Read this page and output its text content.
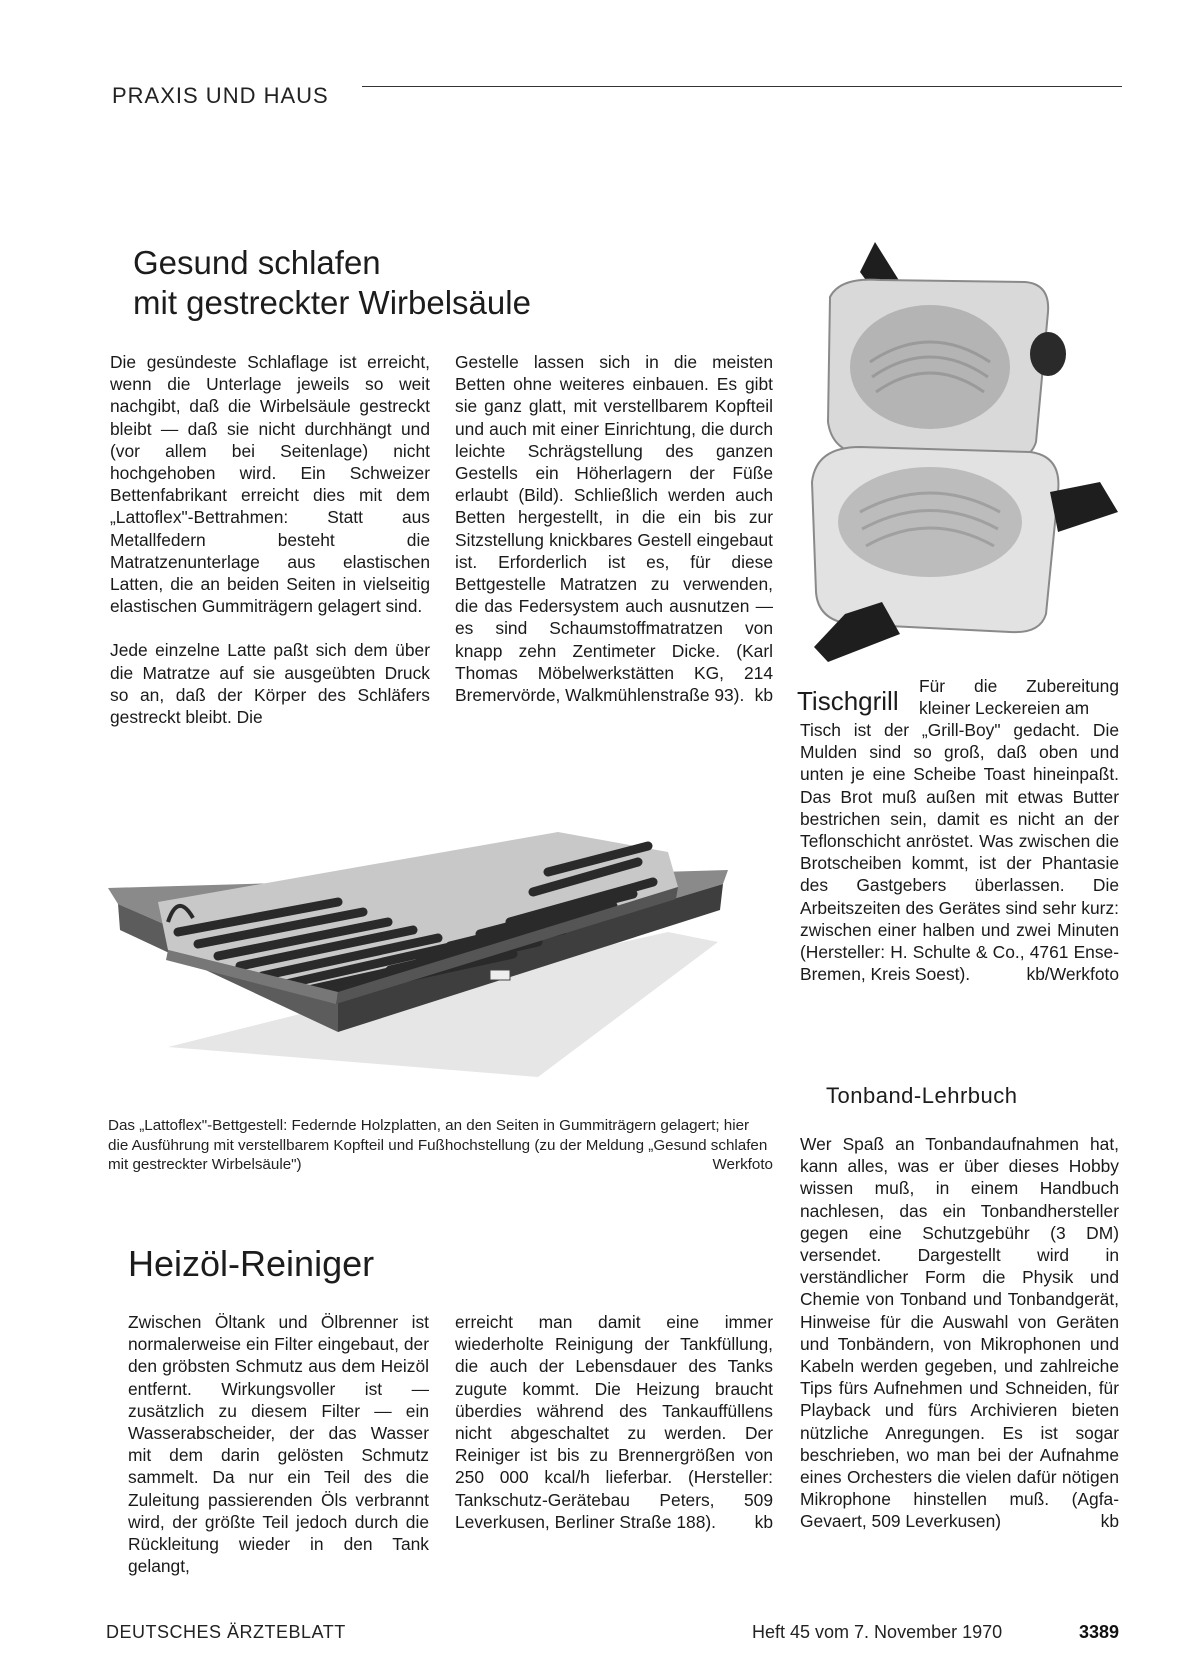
PRAXIS UND HAUS
Gesund schlafen
mit gestreckter Wirbelsäule

Die gesündeste Schlaflage ist erreicht, wenn die Unterlage jeweils so weit nachgibt, daß die Wirbelsäule gestreckt bleibt — daß sie nicht durchhängt und (vor allem bei Seitenlage) nicht hochgehoben wird. Ein Schweizer Bettenfabrikant erreicht dies mit dem „Lattoflex"-Bettrahmen: Statt aus Metallfedern besteht die Matratzenunterlage aus elastischen Latten, die an beiden Seiten in vielseitig elastischen Gummiträgern gelagert sind.

Jede einzelne Latte paßt sich dem über die Matratze auf sie ausgeübten Druck so an, daß der Körper des Schläfers gestreckt bleibt. Die

Gestelle lassen sich in die meisten Betten ohne weiteres einbauen. Es gibt sie ganz glatt, mit verstellbarem Kopfteil und auch mit einer Einrichtung, die durch leichte Schrägstellung des ganzen Gestells ein Höherlagern der Füße erlaubt (Bild). Schließlich werden auch Betten hergestellt, in die ein bis zur Sitzstellung knickbares Gestell eingebaut ist. Erforderlich ist es, für diese Bettgestelle Matratzen zu verwenden, die das Federsystem auch ausnutzen — es sind Schaumstoffmatratzen von knapp zehn Zentimeter Dicke. (Karl Thomas Möbelwerkstätten KG, 214 Bremervörde, Walkmühlenstraße 93). kb

Das „Lattoflex"-Bettgestell: Federnde Holzplatten, an den Seiten in Gummiträgern gelagert; hier die Ausführung mit verstellbarem Kopfteil und Fußhochstellung (zu der Meldung „Gesund schlafen mit gestreckter Wirbelsäule")	Werkfoto
Tischgrill Für die Zubereitung kleiner Leckereien am

Tisch ist der „Grill-Boy" gedacht. Die Mulden sind so groß, daß oben und unten je eine Scheibe Toast hineinpaßt. Das Brot muß außen mit etwas Butter bestrichen sein, damit es nicht an der Teflonschicht anröstet. Was zwischen die Brotscheiben kommt, ist der Phantasie des Gastgebers überlassen. Die Arbeitszeiten des Gerätes sind sehr kurz: zwischen einer halben und zwei Minuten (Hersteller: H. Schulte & Co., 4761 Ense-Bremen, Kreis Soest).	kb/Werkfoto

Tonband-Lehrbuch

Wer Spaß an Tonbandaufnahmen hat, kann alles, was er über dieses Hobby wissen muß, in einem Handbuch nachlesen, das ein Tonbandhersteller gegen eine Schutzgebühr (3 DM) versendet. Dargestellt wird in verständlicher Form die Physik und Chemie von Tonband und Tonbandgerät, Hinweise für die Auswahl von Geräten und Tonbändern, von Mikrophonen und Kabeln werden gegeben, und zahlreiche Tips fürs Aufnehmen und Schneiden, für Playback und fürs Archivieren bieten nützliche Anregungen. Es ist sogar beschrieben, wo man bei der Aufnahme eines Orchesters die vielen dafür nötigen Mikrophone hinstellen muß. (Agfa-Gevaert, 509 Leverkusen)	kb

Heizöl-Reiniger

Zwischen Öltank und Ölbrenner ist normalerweise ein Filter eingebaut, der den gröbsten Schmutz aus dem Heizöl entfernt. Wirkungsvoller ist — zusätzlich zu diesem Filter — ein Wasserabscheider, der das Wasser mit dem darin gelösten Schmutz sammelt. Da nur ein Teil des die Zuleitung passierenden Öls verbrannt wird, der größte Teil jedoch durch die Rückleitung wieder in den Tank gelangt,

erreicht man damit eine immer wiederholte Reinigung der Tankfüllung, die auch der Lebensdauer des Tanks zugute kommt. Die Heizung braucht überdies während des Tankauffüllens nicht abgeschaltet zu werden. Der Reiniger ist bis zu Brennergrößen von 250 000 kcal/h lieferbar. (Hersteller: Tankschutz-Gerätebau Peters, 509 Leverkusen, Berliner Straße 188). kb

DEUTSCHES ÄRZTEBLATT	Heft 45 vom 7. November 1970	3389
